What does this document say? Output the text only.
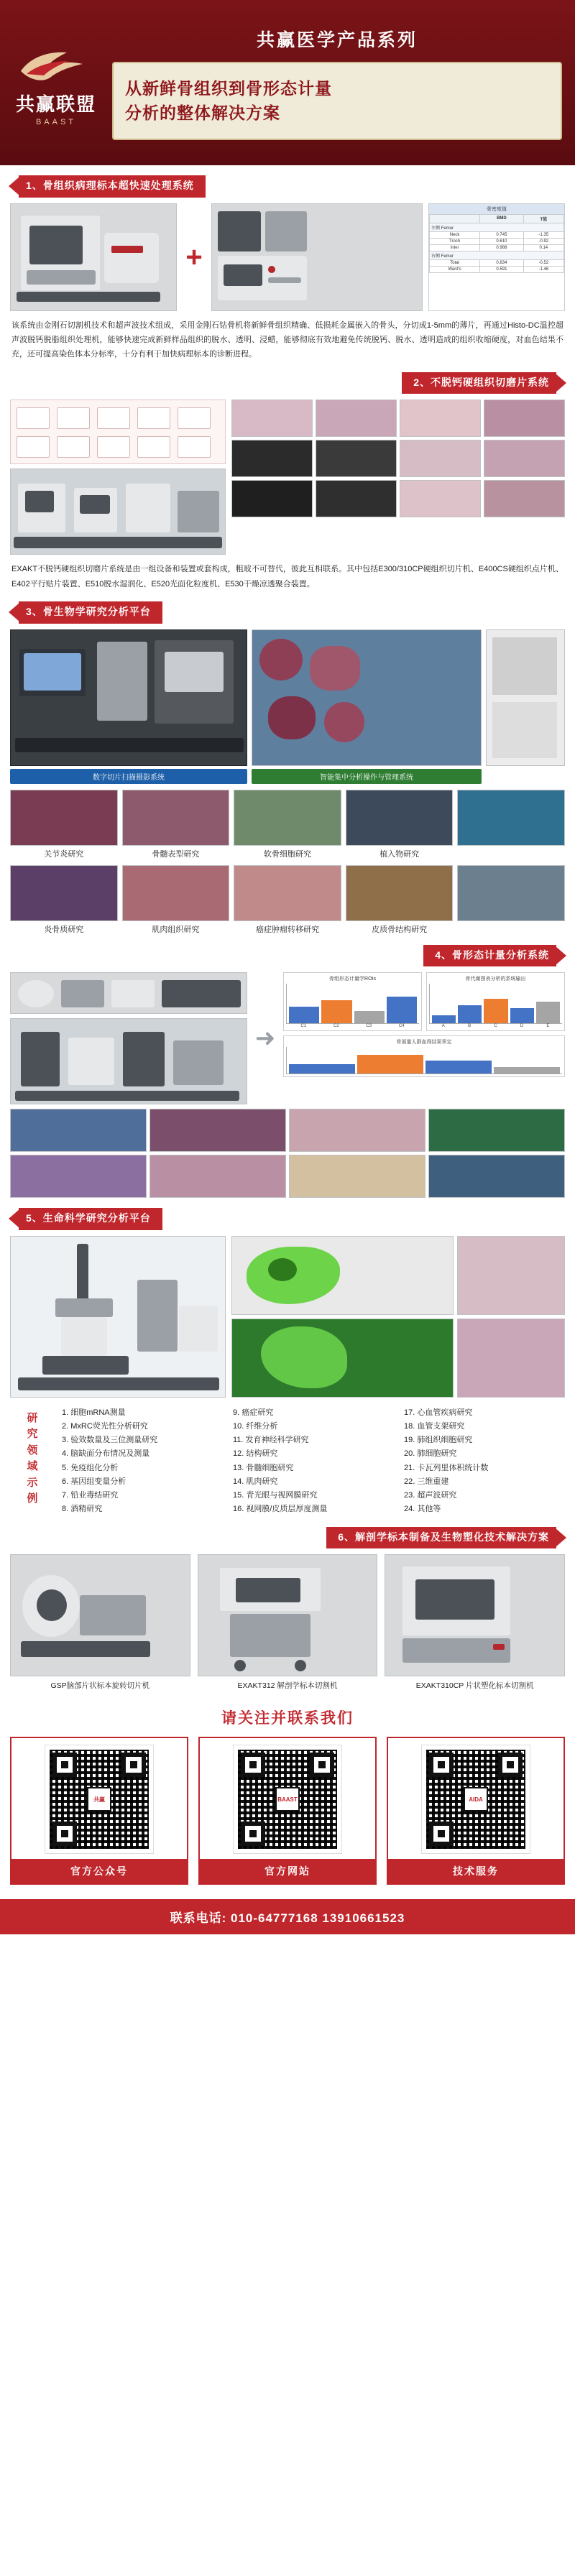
共赢联盟
BAAST
共赢医学产品系列
从新鲜骨组织到骨形态计量
分析的整体解决方案
1、骨组织病理标本超快速处理系统
+
骨密度值
	BMD	T值
左侧 Femur		
Neck	0.745	-1.35
Troch	0.610	-0.92
Inter	0.988	0.14
右侧 Femur		
Total	0.834	-0.52
Ward's	0.591	-1.46
该系统由金刚石切割机技术和超声波技术组成，采用金刚石钻骨机将新鲜骨组织精确、低损耗金属嵌入的骨头，分切成1-5mm的薄片，再通过Histo-DC温控超声波脱钙脱脂组织处理机，能够快速完成新鲜样品组织的脱水、透明、浸蜡，能够彻底有效地避免传统脱钙、脱水、透明造成的组织收缩硬度，对血色结果不充，还可提高染色体本分标率，十分有利于加快病理标本的诊断进程。
2、不脱钙硬组织切磨片系统
EXAKT不脱钙硬组织切磨片系统是由一组设备和装置或套构成，粗玻不可替代，彼此互相联系。其中包括E300/310CP硬组织切片机、E400CS硬组织点片机、E402平行贴片装置、E510脱水湿润化、E520光面化粒度机、E530干燥凉透聚合装置。
3、骨生物学研究分析平台
数字切片扫描摄影系统	智能集中分析操作与管理系统
关节炎研究	骨髓表型研究	软骨细胞研究	植入物研究
炎骨质研究	肌肉组织研究	癌症肿瘤转移研究	皮质骨结构研究
4、骨形态计量分析系统
➜
骨组形态计量学ROIs
C1	C2	C3	C4
骨代谢图表分析的系统输出
A	B	C	D	E
骨面量人群血得结果界定
5、生命科学研究分析平台
研
究
领
域
示
例
1. 细胞mRNA测量
2. MxRC荧光性分析研究
3. 验效数量及三位测量研究
4. 脑缺面分布情况及测量
5. 免疫组化分析
6. 基因组变量分析
7. 铅业毒结研究
8. 酒精研究
9. 癌症研究
10. 纤维分析
11. 发育神经科学研究
12. 结构研究
13. 骨髓细胞研究
14. 肌肉研究
15. 青光眼与视网膜研究
16. 视网膜/皮质层厚度测量
17. 心血管疾病研究
18. 血管支架研究
19. 肺组织细胞研究
20. 肺细胞研究
21. 卡瓦列里体积统计数
22. 三维重建
23. 超声波研究
24. 其他等
6、解剖学标本制备及生物塑化技术解决方案
GSP脑部片状标本旋转切片机	EXAKT312 解剖学标本切割机	EXAKT310CP 片状塑化标本切割机
请关注并联系我们
共赢
官方公众号
BAAST
官方网站
AIDA
技术服务
联系电话: 010-64777168 13910661523
